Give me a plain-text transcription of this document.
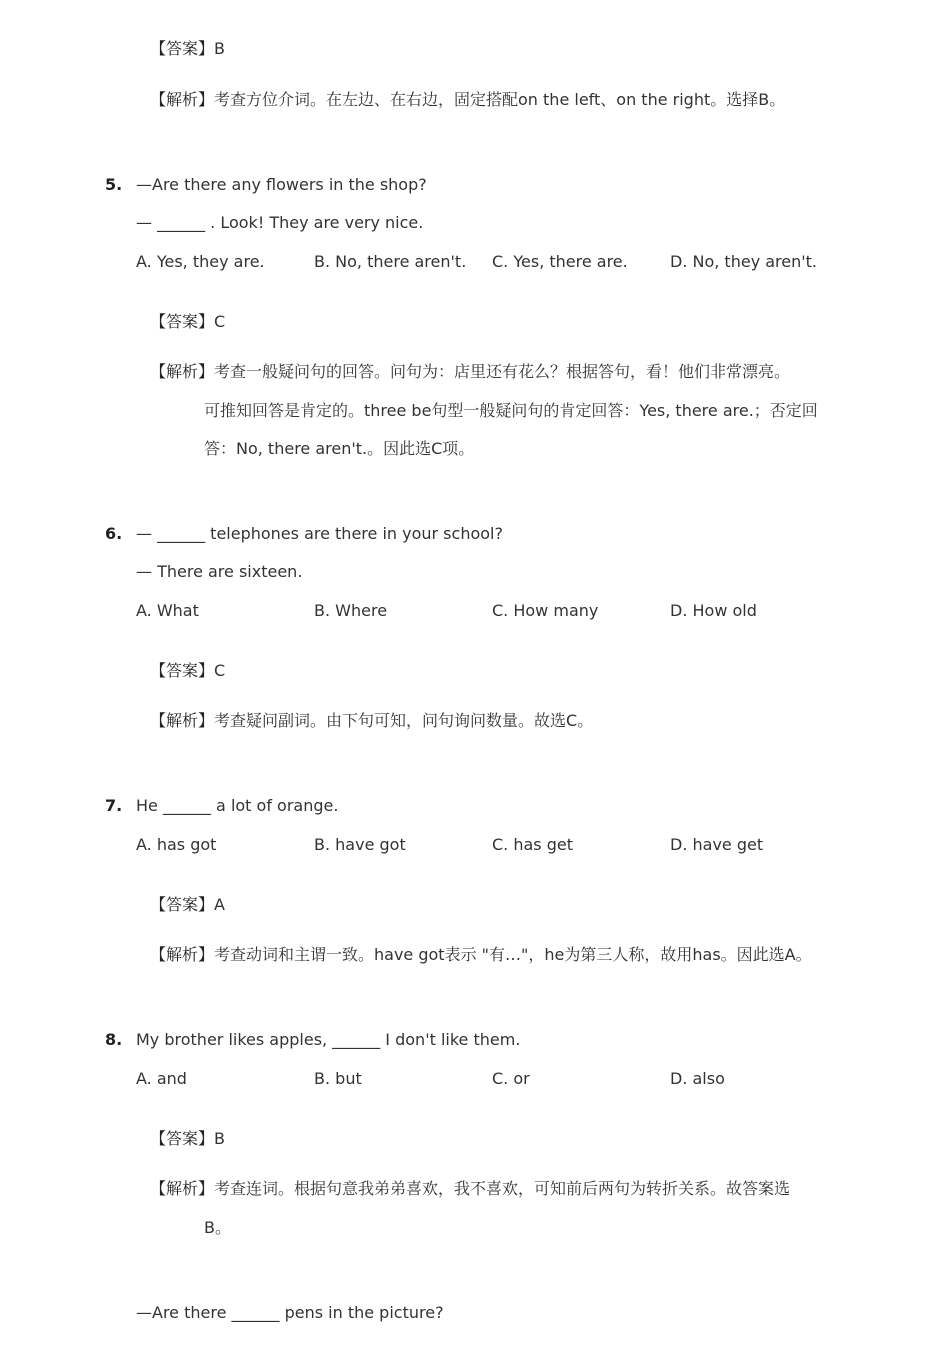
【答案】B
【解析】考查方位介词。在左边、在右边，固定搭配on the left、on the right。选择B。
5. —Are there any flowers in the shop?
— ______ . Look! They are very nice.
A. Yes, they are.	B. No, there aren't. C. Yes, there are.	D. No, they aren't.
【答案】C
【解析】考查一般疑问句的回答。问句为：店里还有花么？根据答句，看！他们非常漂亮。
可推知回答是肯定的。three be句型一般疑问句的肯定回答：Yes, there are.；否定回
答：No, there aren't.。因此选C项。
6. — ______ telephones are there in your school?
— There are sixteen.
A. What	B. Where	C. How many	D. How old
【答案】C
【解析】考查疑问副词。由下句可知，问句询问数量。故选C。
7. He ______ a lot of orange.
A. has got	B. have got	C. has get	D. have get
【答案】A
【解析】考查动词和主谓一致。have got表示 "有…"，he为第三人称，故用has。因此选A。
8. My brother likes apples, ______ I don't like them.
A. and	B. but	C. or	D. also
【答案】B
【解析】考查连词。根据句意我弟弟喜欢，我不喜欢，可知前后两句为转折关系。故答案选
B。
—Are there ______ pens in the picture?
